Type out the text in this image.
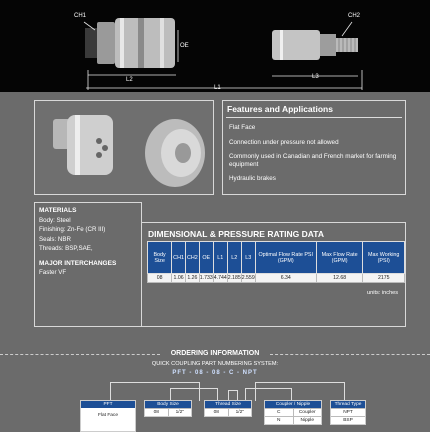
CH1
OE
L2
L1
CH2
L3
Features and Applications
Flat Face
Connection under pressure not allowed
Commonly used in Canadian and French market for farming equipment
Hydraulic brakes
MATERIALS
Body: Steel
Finishing: Zn-Fe (CR III)
Seals: NBR
Threads: BSP,SAE,
MAJOR INTERCHANGES
Faster VF
DIMENSIONAL & PRESSURE RATING DATA
Body Size	CH1	CH2	OE	L1	L2	L3	Optimal Flow Rate PSI (GPM)	Max Flow Rate (GPM)	Max Working (PSI)
08	1.06	1.26	1.733	4.744	2.185	2.559	6.34	12.68	2175
units: inches
ORDERING INFORMATION
QUICK COUPLING PART NUMBERING SYSTEM:
PFT - 08 - 08 - C - NPT
PFT
Flat Face
Body Size
08	1/2"
Thread Size
08	1/2"
Coupler / Nipple
C	Coupler
N	Nipple
Thread Type
NPT
BSP
